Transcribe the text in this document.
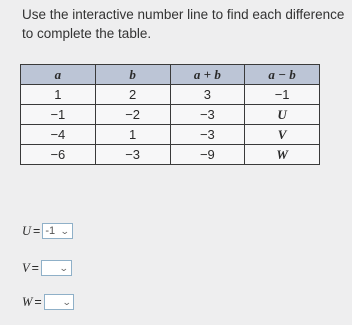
Use the interactive number line to find each difference to complete the table.
a	b	a + b	a − b
1	2	3	−1
−1	−2	−3	U
−4	1	−3	V
−6	−3	−9	W
U = -1 ⌄
V = ⌄
W = ⌄
